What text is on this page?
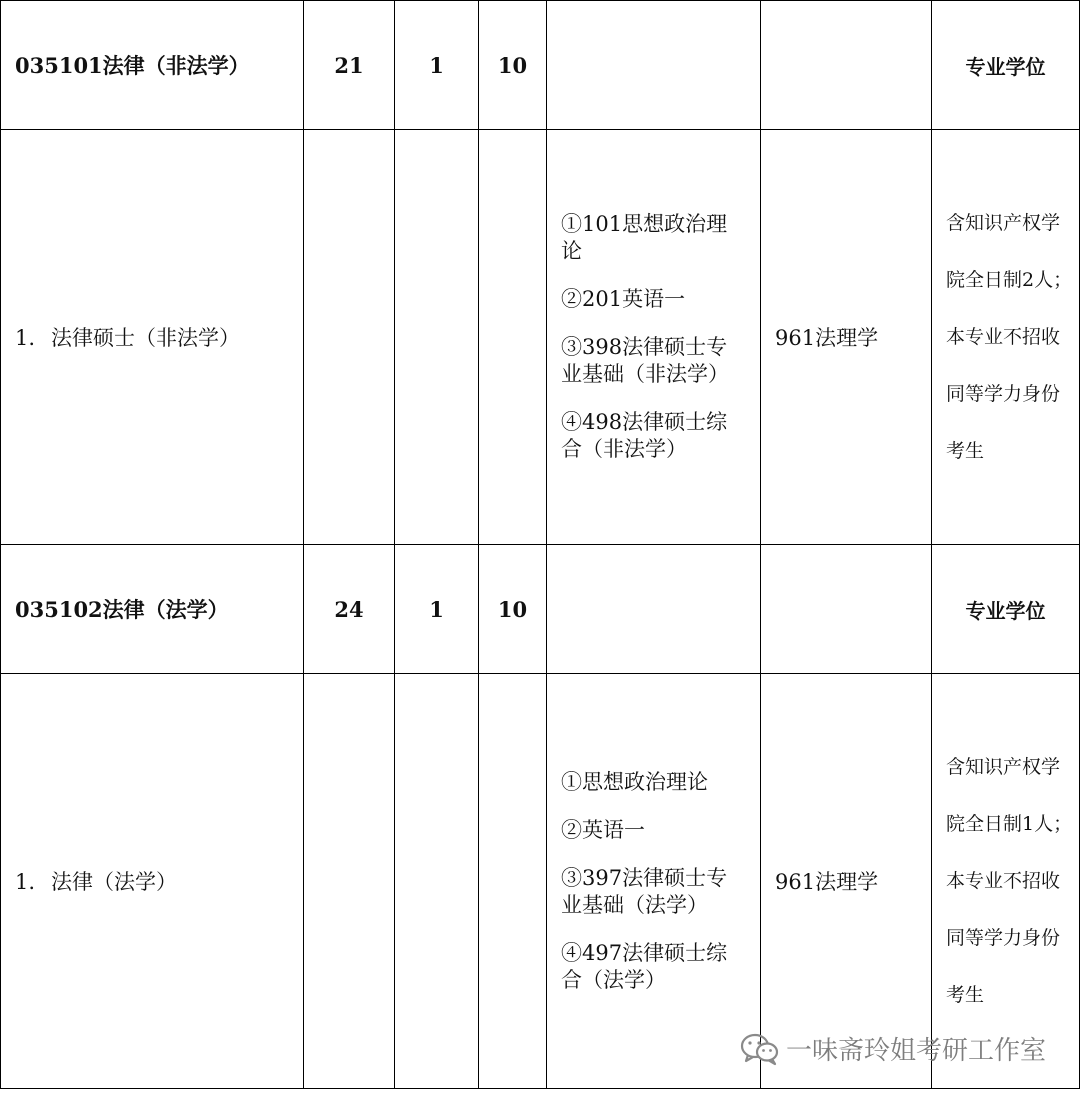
035101法律（非法学）	21	1	10			专业学位
1. 法律硕士（非法学）				①101思想政治理论
②201英语一
③398法律硕士专业基础（非法学）
④498法律硕士综合（非法学）	961法理学	含知识产权学院全日制2人；本专业不招收同等学力身份考生
035102法律（法学）	24	1	10			专业学位
1. 法律（法学）				①思想政治理论
②英语一
③397法律硕士专业基础（法学）
④497法律硕士综合（法学）	961法理学	含知识产权学院全日制1人；本专业不招收同等学力身份考生
一味斋玲姐考研工作室
